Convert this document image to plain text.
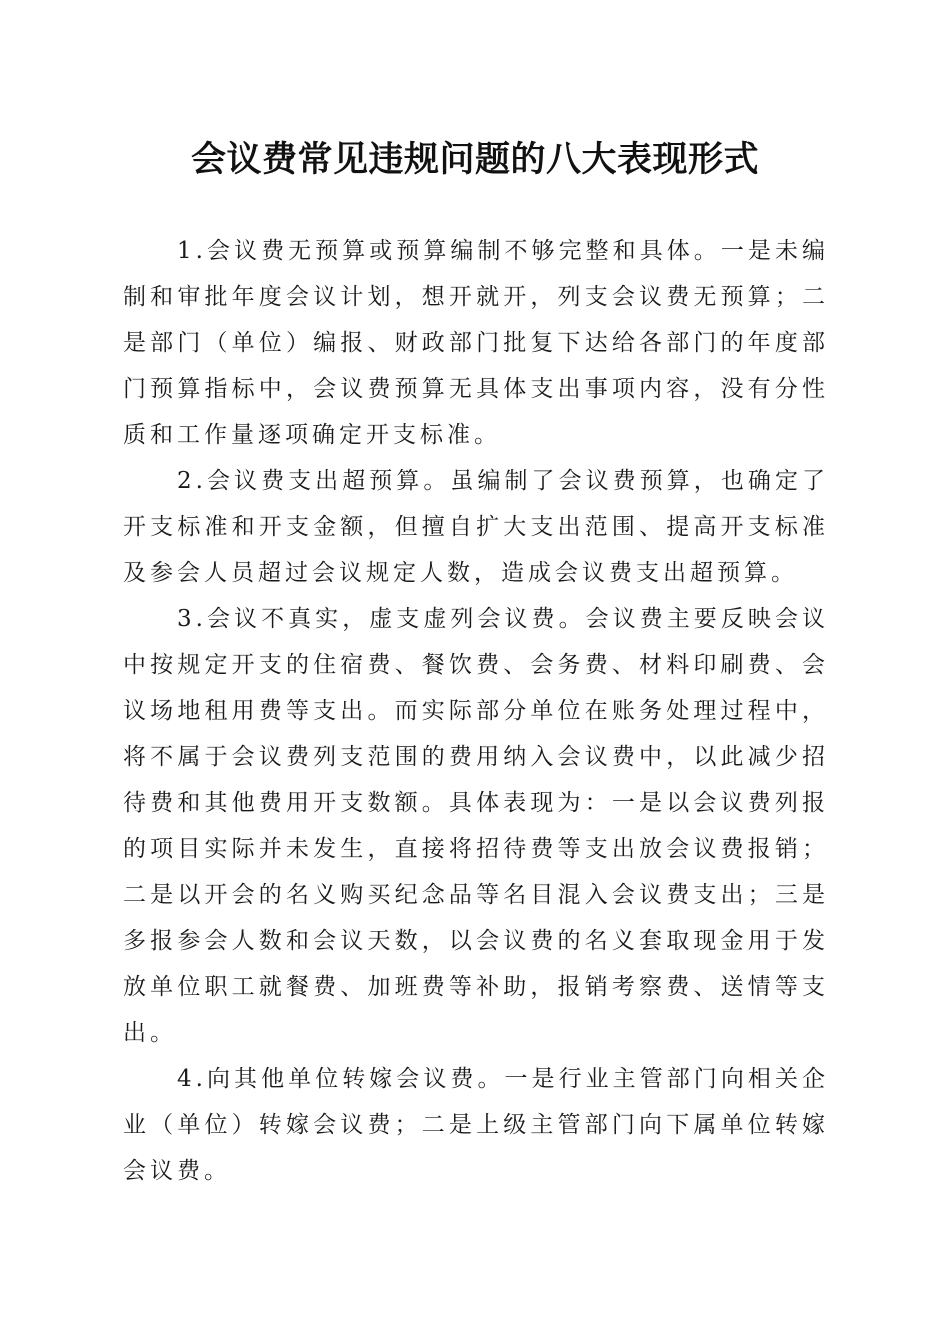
会议费常见违规问题的八大表现形式

1.会议费无预算或预算编制不够完整和具体。一是未编制和审批年度会议计划，想开就开，列支会议费无预算；二是部门（单位）编报、财政部门批复下达给各部门的年度部门预算指标中，会议费预算无具体支出事项内容，没有分性质和工作量逐项确定开支标准。

2.会议费支出超预算。虽编制了会议费预算，也确定了开支标准和开支金额，但擅自扩大支出范围、提高开支标准及参会人员超过会议规定人数，造成会议费支出超预算。

3.会议不真实，虚支虚列会议费。会议费主要反映会议中按规定开支的住宿费、餐饮费、会务费、材料印刷费、会议场地租用费等支出。而实际部分单位在账务处理过程中，将不属于会议费列支范围的费用纳入会议费中，以此减少招待费和其他费用开支数额。具体表现为：一是以会议费列报的项目实际并未发生，直接将招待费等支出放会议费报销；二是以开会的名义购买纪念品等名目混入会议费支出；三是多报参会人数和会议天数，以会议费的名义套取现金用于发放单位职工就餐费、加班费等补助，报销考察费、送情等支出。

4.向其他单位转嫁会议费。一是行业主管部门向相关企业（单位）转嫁会议费；二是上级主管部门向下属单位转嫁会议费。
